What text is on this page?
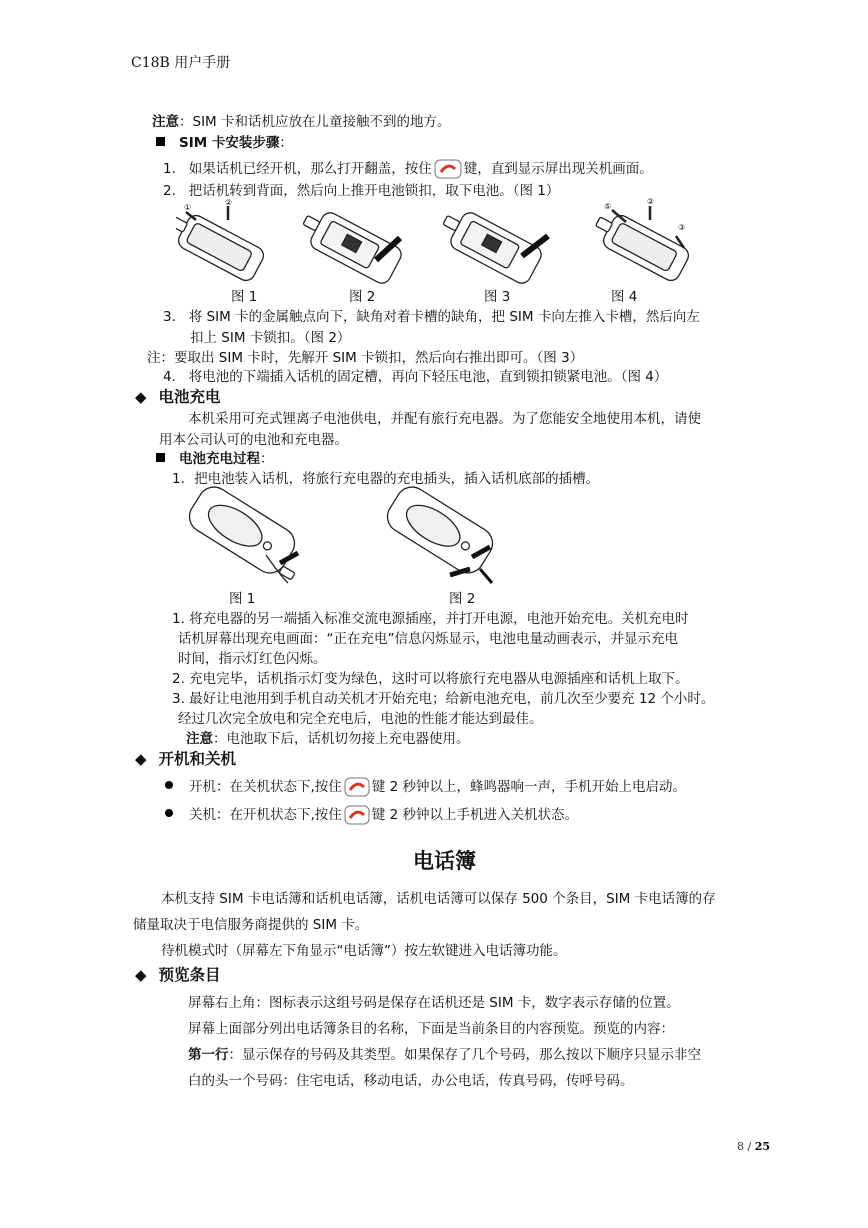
C18B 用户手册
注意：SIM 卡和话机应放在儿童接触不到的地方。
SIM 卡安装步骤：
1. 如果话机已经开机，那么打开翻盖，按住 键，直到显示屏出现关机画面。
2. 把话机转到背面，然后向上推开电池锁扣，取下电池。（图 1）
①
②	⑤
②
③
图 1	图 2	图 3	图 4
3. 将 SIM 卡的金属触点向下，缺角对着卡槽的缺角，把 SIM 卡向左推入卡槽，然后向左
扣上 SIM 卡锁扣。（图 2）
注：要取出 SIM 卡时，先解开 SIM 卡锁扣，然后向右推出即可。（图 3）
4. 将电池的下端插入话机的固定槽，再向下轻压电池，直到锁扣锁紧电池。（图 4）
◆ 电池充电
本机采用可充式锂离子电池供电，并配有旅行充电器。为了您能安全地使用本机，请使
用本公司认可的电池和充电器。
电池充电过程：
1．把电池装入话机，将旅行充电器的充电插头，插入话机底部的插槽。
图 1	图 2
1. 将充电器的另一端插入标准交流电源插座，并打开电源，电池开始充电。关机充电时
话机屏幕出现充电画面：“正在充电”信息闪烁显示，电池电量动画表示，并显示充电
时间，指示灯红色闪烁。
2. 充电完毕，话机指示灯变为绿色，这时可以将旅行充电器从电源插座和话机上取下。
3. 最好让电池用到手机自动关机才开始充电；给新电池充电，前几次至少要充 12 个小时。
经过几次完全放电和完全充电后，电池的性能才能达到最佳。
注意：电池取下后，话机切勿接上充电器使用。
◆ 开机和关机
开机：在关机状态下,按住 键 2 秒钟以上，蜂鸣器响一声，手机开始上电启动。
关机：在开机状态下,按住 键 2 秒钟以上手机进入关机状态。
电话簿
本机支持 SIM 卡电话簿和话机电话簿，话机电话簿可以保存 500 个条目，SIM 卡电话簿的存
储量取决于电信服务商提供的 SIM 卡。
待机模式时（屏幕左下角显示“电话簿”）按左软键进入电话簿功能。
◆ 预览条目
屏幕右上角：图标表示这组号码是保存在话机还是 SIM 卡，数字表示存储的位置。
屏幕上面部分列出电话簿条目的名称，下面是当前条目的内容预览。预览的内容：
第一行：显示保存的号码及其类型。如果保存了几个号码，那么按以下顺序只显示非空
白的头一个号码：住宅电话，移动电话，办公电话，传真号码，传呼号码。
8 / 25
